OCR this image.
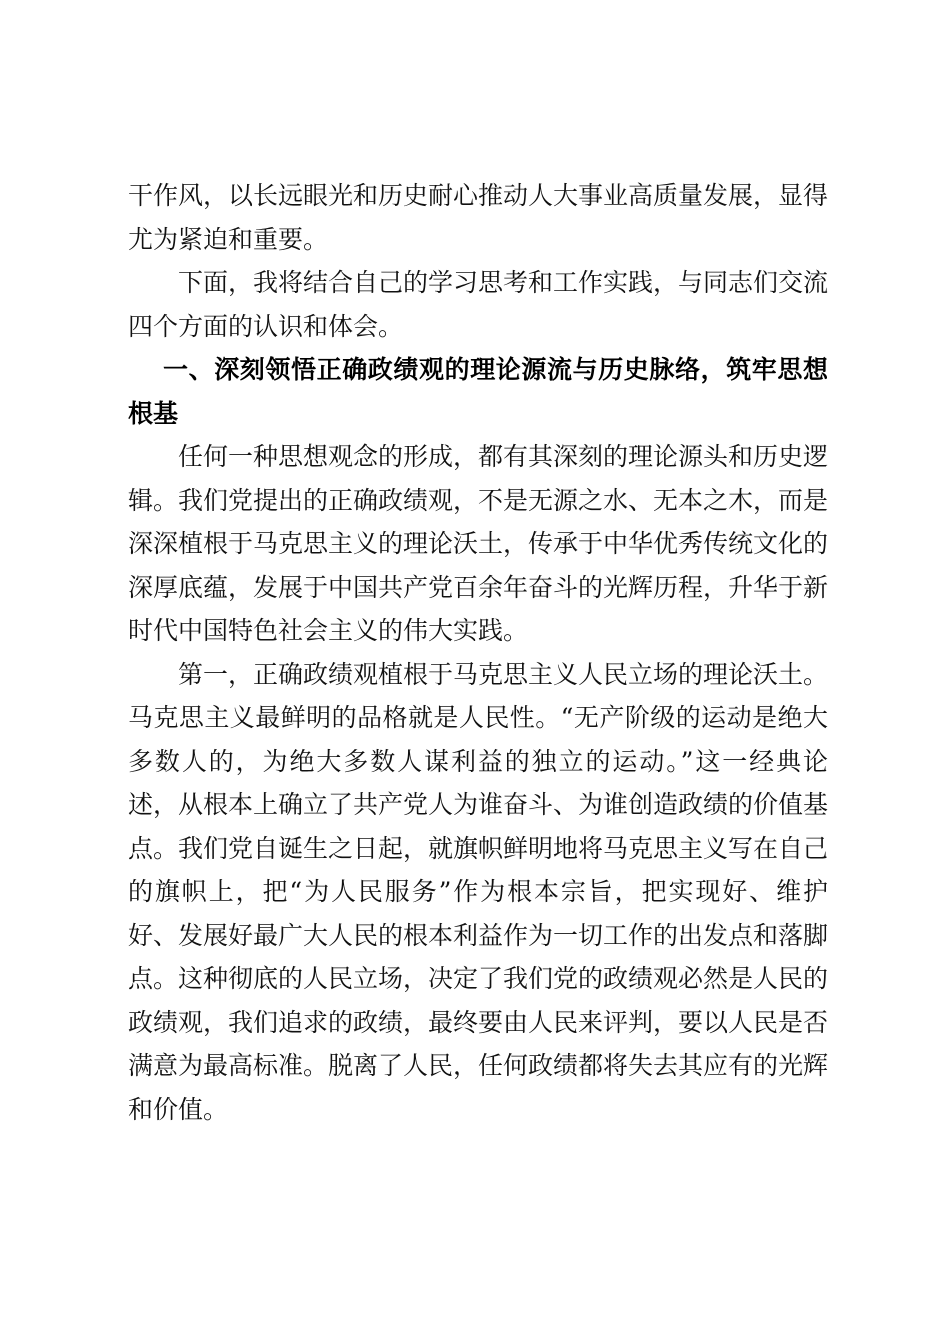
干作风，以长远眼光和历史耐心推动人大事业高质量发展，显得尤为紧迫和重要。

下面，我将结合自己的学习思考和工作实践，与同志们交流四个方面的认识和体会。

一、深刻领悟正确政绩观的理论源流与历史脉络，筑牢思想根基

任何一种思想观念的形成，都有其深刻的理论源头和历史逻辑。我们党提出的正确政绩观，不是无源之水、无本之木，而是深深植根于马克思主义的理论沃土，传承于中华优秀传统文化的深厚底蕴，发展于中国共产党百余年奋斗的光辉历程，升华于新时代中国特色社会主义的伟大实践。

第一，正确政绩观植根于马克思主义人民立场的理论沃土。马克思主义最鲜明的品格就是人民性。“无产阶级的运动是绝大多数人的，为绝大多数人谋利益的独立的运动。”这一经典论述，从根本上确立了共产党人为谁奋斗、为谁创造政绩的价值基点。我们党自诞生之日起，就旗帜鲜明地将马克思主义写在自己的旗帜上，把“为人民服务”作为根本宗旨，把实现好、维护好、发展好最广大人民的根本利益作为一切工作的出发点和落脚点。这种彻底的人民立场，决定了我们党的政绩观必然是人民的政绩观，我们追求的政绩，最终要由人民来评判，要以人民是否满意为最高标准。脱离了人民，任何政绩都将失去其应有的光辉和价值。
